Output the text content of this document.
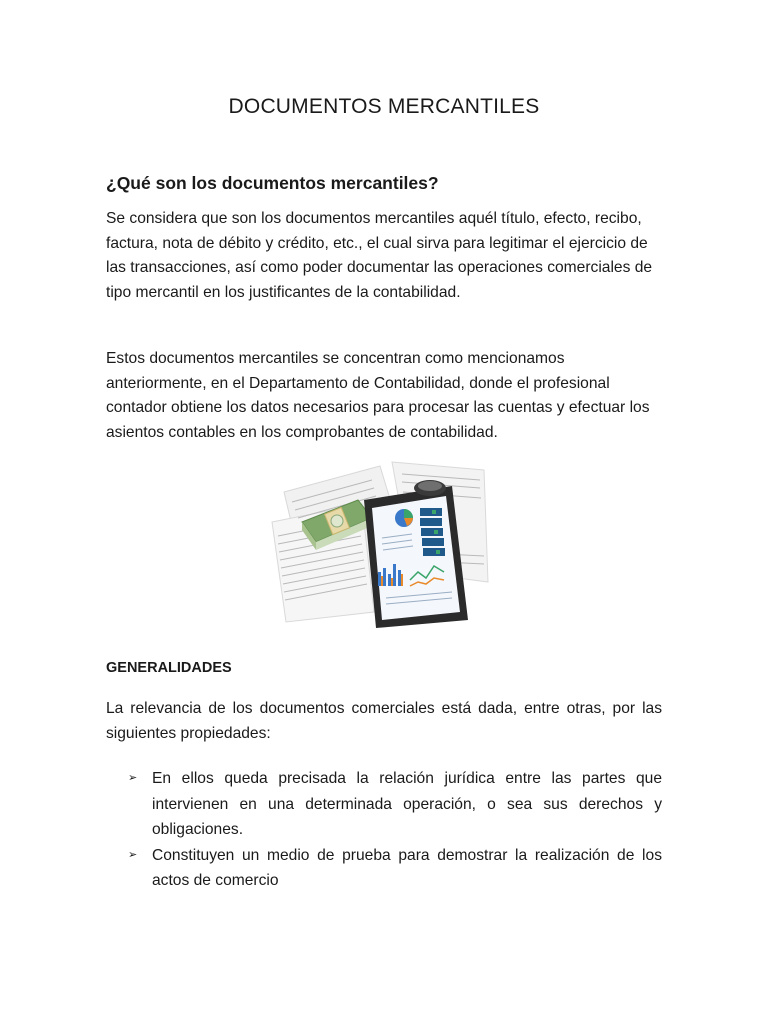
DOCUMENTOS MERCANTILES
¿Qué son los documentos mercantiles?
Se considera que son los documentos mercantiles aquél título, efecto, recibo, factura, nota de débito y crédito, etc., el cual sirva para legitimar el ejercicio de las transacciones, así como poder documentar las operaciones comerciales de tipo mercantil en los justificantes de la contabilidad.
Estos documentos mercantiles se concentran como mencionamos anteriormente, en el Departamento de Contabilidad, donde el profesional contador obtiene los datos necesarios para procesar las cuentas y efectuar los asientos contables en los comprobantes de contabilidad.
GENERALIDADES
La relevancia de los documentos comerciales está dada, entre otras, por las siguientes propiedades:
➢ En ellos queda precisada la relación jurídica entre las partes que intervienen en una determinada operación, o sea sus derechos y obligaciones.
➢ Constituyen un medio de prueba para demostrar la realización de los actos de comercio
